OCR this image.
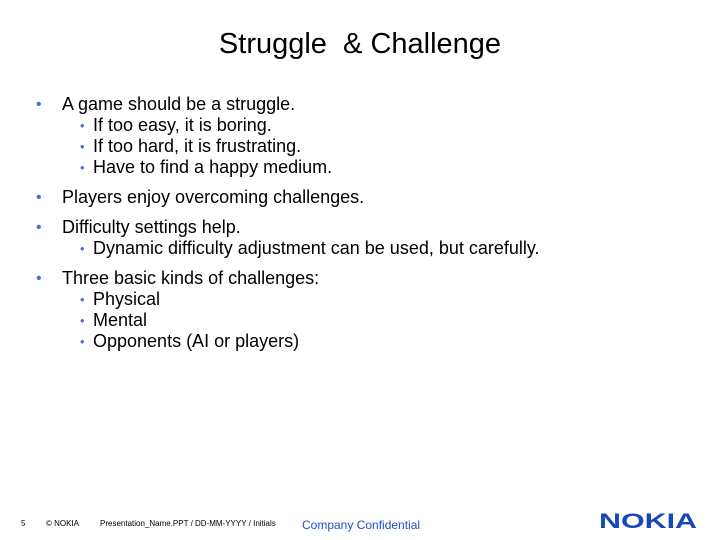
Struggle  & Challenge
• A game should be a struggle.
• If too easy, it is boring.
• If too hard, it is frustrating.
• Have to find a happy medium.
• Players enjoy overcoming challenges.
• Difficulty settings help.
• Dynamic difficulty adjustment can be used, but carefully.
• Three basic kinds of challenges:
• Physical
• Mental
• Opponents (AI or players)
5	© NOKIA	Presentation_Name.PPT / DD-MM-YYYY / Initials Company Confidential	NOKIA
